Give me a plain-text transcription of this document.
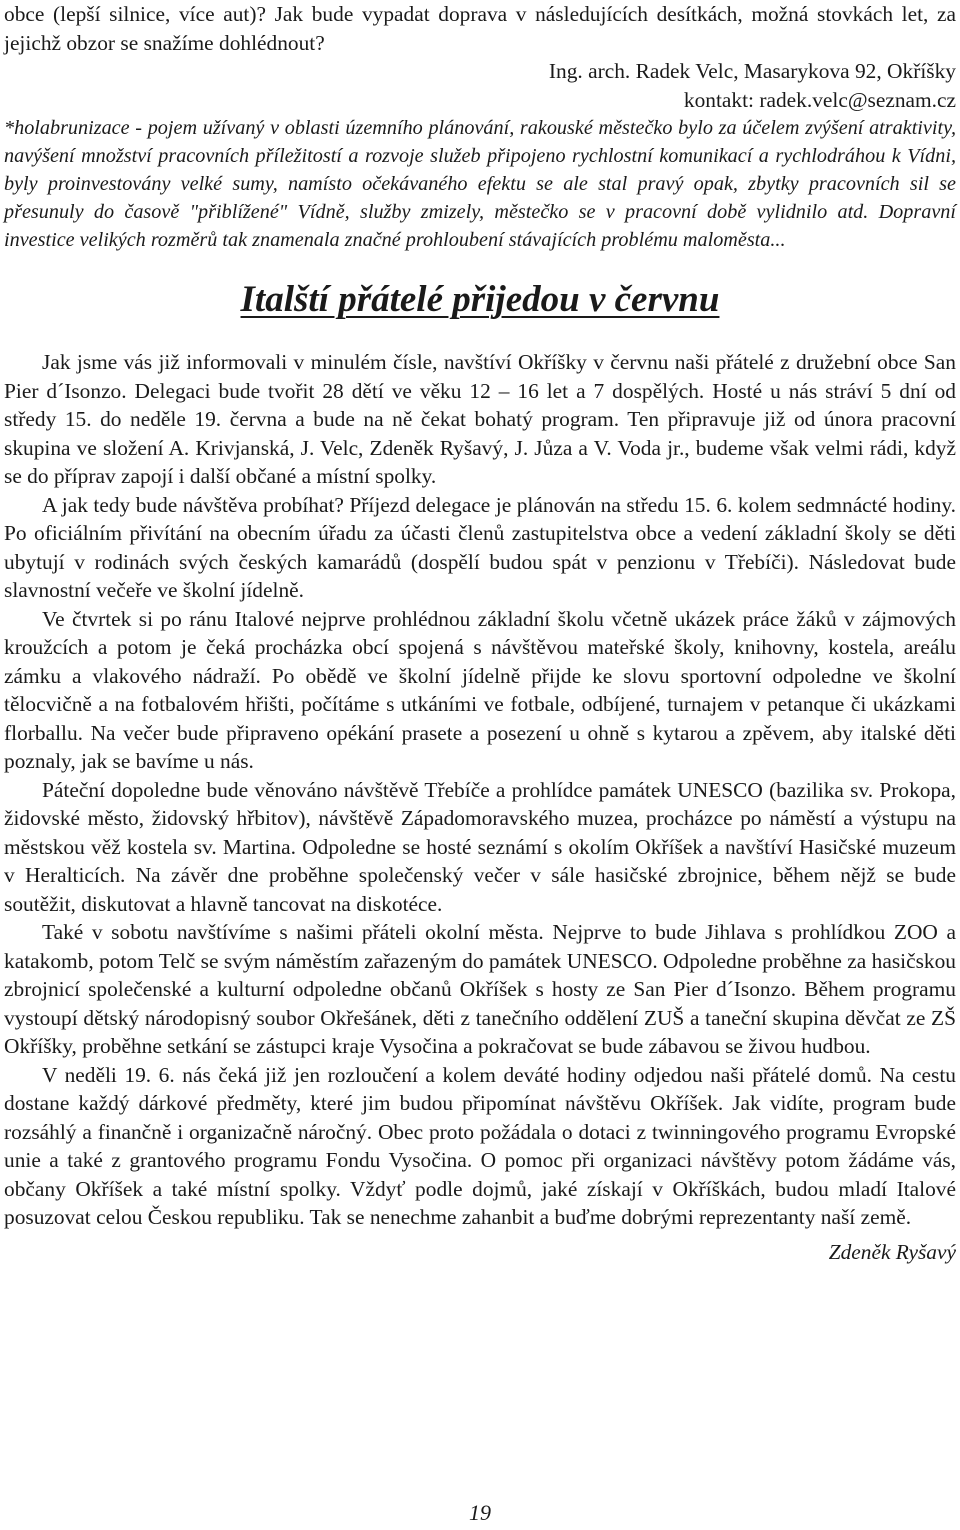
obce (lepší silnice, více aut)? Jak bude vypadat doprava v následujících desítkách, možná stovkách let, za jejichž obzor se snažíme dohlédnout?

Ing. arch. Radek Velc, Masarykova 92, Okříšky

kontakt: radek.velc@seznam.cz

*holabrunizace - pojem užívaný v oblasti územního plánování, rakouské městečko bylo za účelem zvýšení atraktivity, navýšení množství pracovních příležitostí a rozvoje služeb připojeno rychlostní komunikací a rychlodráhou k Vídni, byly proinvestovány velké sumy, namísto očekávaného efektu se ale stal pravý opak, zbytky pracovních sil se přesunuly do časově "přiblížené" Vídně, služby zmizely, městečko se v pracovní době vylidnilo atd. Dopravní investice velikých rozměrů tak znamenala značné prohloubení stávajících problému maloměsta...

Italští přátelé přijedou v červnu

Jak jsme vás již informovali v minulém čísle, navštíví Okříšky v červnu naši přátelé z družební obce San Pier d´Isonzo. Delegaci bude tvořit 28 dětí ve věku 12 – 16 let a 7 dospělých. Hosté u nás stráví 5 dní od středy 15. do neděle 19. června a bude na ně čekat bohatý program. Ten připravuje již od února pracovní skupina ve složení A. Krivjanská, J. Velc, Zdeněk Ryšavý, J. Jůza a V. Voda jr., budeme však velmi rádi, když se do příprav zapojí i další občané a místní spolky.

A jak tedy bude návštěva probíhat? Příjezd delegace je plánován na středu 15. 6. kolem sedmnácté hodiny. Po oficiálním přivítání na obecním úřadu za účasti členů zastupitelstva obce a vedení základní školy se děti ubytují v rodinách svých českých kamarádů (dospělí budou spát v penzionu v Třebíči). Následovat bude slavnostní večeře ve školní jídelně.

Ve čtvrtek si po ránu Italové nejprve prohlédnou základní školu včetně ukázek práce žáků v zájmových kroužcích a potom je čeká procházka obcí spojená s návštěvou mateřské školy, knihovny, kostela, areálu zámku a vlakového nádraží. Po obědě ve školní jídelně přijde ke slovu sportovní odpoledne ve školní tělocvičně a na fotbalovém hřišti, počítáme s utkáními ve fotbale, odbíjené, turnajem v petanque či ukázkami florballu. Na večer bude připraveno opékání prasete a posezení u ohně s kytarou a zpěvem, aby italské děti poznaly, jak se bavíme u nás.

Páteční dopoledne bude věnováno návštěvě Třebíče a prohlídce památek UNESCO (bazilika sv. Prokopa, židovské město, židovský hřbitov), návštěvě Západomoravského muzea, procházce po náměstí a výstupu na městskou věž kostela sv. Martina. Odpoledne se hosté seznámí s okolím Okříšek a navštíví Hasičské muzeum v Heralticích. Na závěr dne proběhne společenský večer v sále hasičské zbrojnice, během nějž se bude soutěžit, diskutovat a hlavně tancovat na diskotéce.

Také v sobotu navštívíme s našimi přáteli okolní města. Nejprve to bude Jihlava s prohlídkou ZOO a katakomb, potom Telč se svým náměstím zařazeným do památek UNESCO. Odpoledne proběhne za hasičskou zbrojnicí společenské a kulturní odpoledne občanů Okříšek s hosty ze San Pier d´Isonzo. Během programu vystoupí dětský národopisný soubor Okřešánek, děti z tanečního oddělení ZUŠ a taneční skupina děvčat ze ZŠ Okříšky, proběhne setkání se zástupci kraje Vysočina a pokračovat se bude zábavou se živou hudbou.

V neděli 19. 6. nás čeká již jen rozloučení a kolem deváté hodiny odjedou naši přátelé domů. Na cestu dostane každý dárkové předměty, které jim budou připomínat návštěvu Okříšek. Jak vidíte, program bude rozsáhlý a finančně i organizačně náročný. Obec proto požádala o dotaci z twinningového programu Evropské unie a také z grantového programu Fondu Vysočina. O pomoc při organizaci návštěvy potom žádáme vás, občany Okříšek a také místní spolky. Vždyť podle dojmů, jaké získají v Okříškách, budou mladí Italové posuzovat celou Českou republiku. Tak se nenechme zahanbit a buďme dobrými reprezentanty naší země.

Zdeněk Ryšavý

19
